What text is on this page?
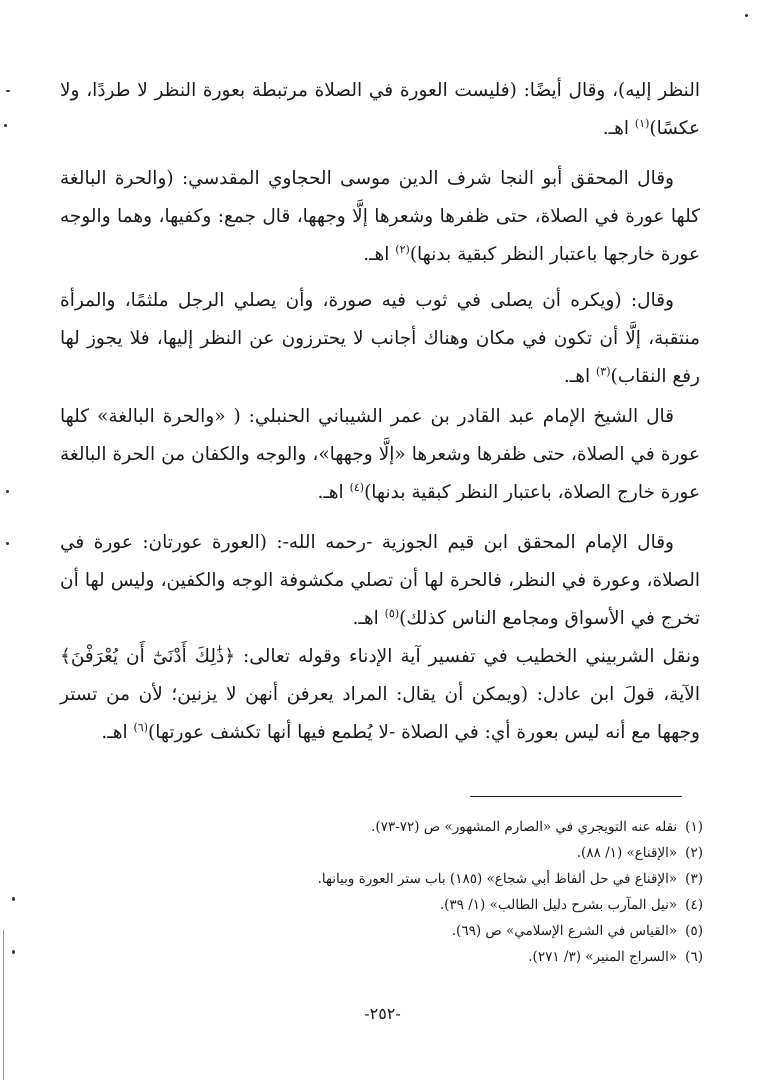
النظر إليه)، وقال أيضًا: (فليست العورة في الصلاة مرتبطة بعورة النظر لا طردًا، ولا عكسًا)$^{(١)}$ اهـ.

وقال المحقق أبو النجا شرف الدين موسى الحجاوي المقدسي: (والحرة البالغة كلها عورة في الصلاة، حتى ظفرها وشعرها إلَّا وجهها، قال جمع: وكفيها، وهما والوجه عورة خارجها باعتبار النظر كبقية بدنها)$^{(٢)}$ اهـ.

وقال: (ويكره أن يصلى في ثوب فيه صورة، وأن يصلي الرجل ملثمًا، والمرأة منتقبة، إلَّا أن تكون في مكان وهناك أجانب لا يحترزون عن النظر إليها، فلا يجوز لها رفع النقاب)$^{(٣)}$ اهـ.

قال الشيخ الإمام عبد القادر بن عمر الشيباني الحنبلي: ( «والحرة البالغة» كلها عورة في الصلاة، حتى ظفرها وشعرها «إلَّا وجهها»، والوجه والكفان من الحرة البالغة عورة خارج الصلاة، باعتبار النظر كبقية بدنها)$^{(٤)}$ اهـ.

وقال الإمام المحقق ابن قيم الجوزية -رحمه الله-: (العورة عورتان: عورة في الصلاة، وعورة في النظر، فالحرة لها أن تصلي مكشوفة الوجه والكفين، وليس لها أن تخرج في الأسواق ومجامع الناس كذلك)$^{(٥)}$ اهـ.

ونقل الشربيني الخطيب في تفسير آية الإدناء وقوله تعالى: ﴿ذَٰلِكَ أَدْنَىٰٓ أَن يُعْرَفْنَ﴾ الآية، قولَ ابن عادل: (ويمكن أن يقال: المراد يعرفن أنهن لا يزنين؛ لأن من تستر وجهها مع أنه ليس بعورة أي: في الصلاة -لا يُطمع فيها أنها تكشف عورتها)$^{(٦)}$ اهـ.

(١)نقله عنه التويجري في «الصارم المشهور» ص (٧٢-٧٣).
(٢)«الإقناع» (١/ ٨٨).
(٣)«الإقناع في حل ألفاظ أبي شجاع» (١٨٥) باب ستر العورة وبيانها.
(٤)«نيل المآرب بشرح دليل الطالب» (١/ ٣٩).
(٥)«القياس في الشرع الإسلامي» ص (٦٩).
(٦)«السراج المنير» (٣/ ٢٧١).
-٢٥٢-
